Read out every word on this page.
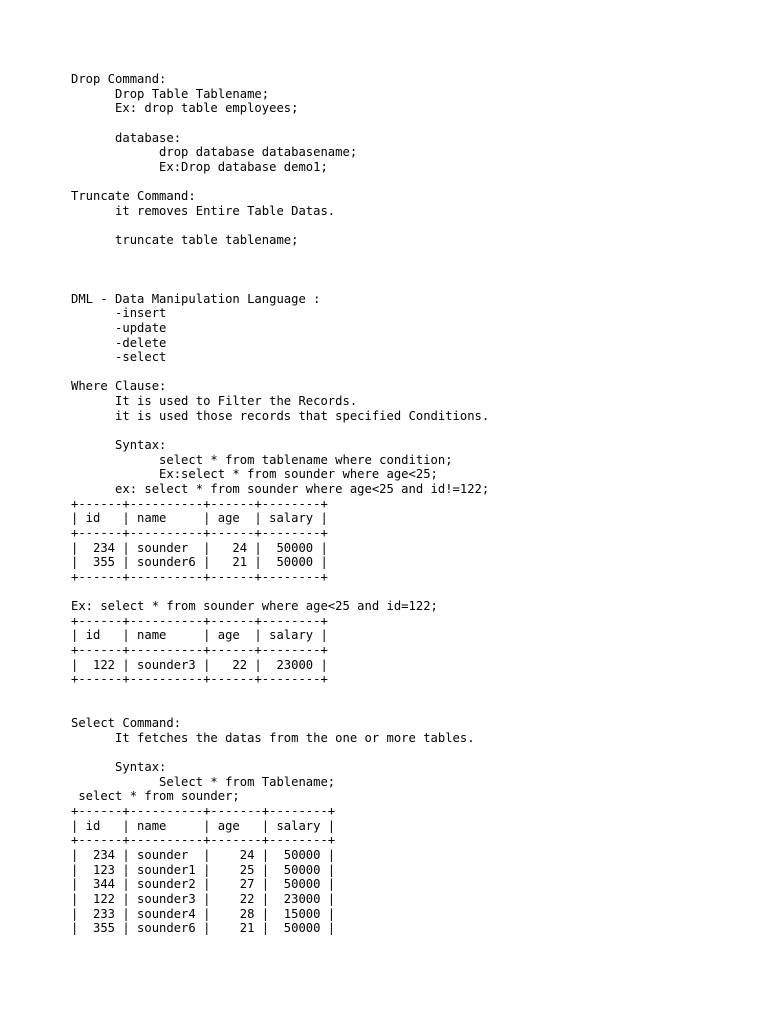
Drop Command:
Drop Table Tablename;
Ex: drop table employees;
database:
drop database databasename;
Ex:Drop database demo1;
Truncate Command:
it removes Entire Table Datas.
truncate table tablename;
DML - Data Manipulation Language :
-insert
-update
-delete
-select
Where Clause:
It is used to Filter the Records.
it is used those records that specified Conditions.
Syntax:
select * from tablename where condition;
Ex:select * from sounder where age<25;
ex: select * from sounder where age<25 and id!=122;
+------+----------+------+--------+
| id   | name     | age  | salary |
+------+----------+------+--------+
|  234 | sounder  |   24 |  50000 |
|  355 | sounder6 |   21 |  50000 |
+------+----------+------+--------+
Ex: select * from sounder where age<25 and id=122;
+------+----------+------+--------+
| id   | name     | age  | salary |
+------+----------+------+--------+
|  122 | sounder3 |   22 |  23000 |
+------+----------+------+--------+
Select Command:
It fetches the datas from the one or more tables.
Syntax:
Select * from Tablename;
select * from sounder;
+------+----------+-------+--------+
| id   | name     | age   | salary |
+------+----------+-------+--------+
|  234 | sounder  |    24 |  50000 |
|  123 | sounder1 |    25 |  50000 |
|  344 | sounder2 |    27 |  50000 |
|  122 | sounder3 |    22 |  23000 |
|  233 | sounder4 |    28 |  15000 |
|  355 | sounder6 |    21 |  50000 |
